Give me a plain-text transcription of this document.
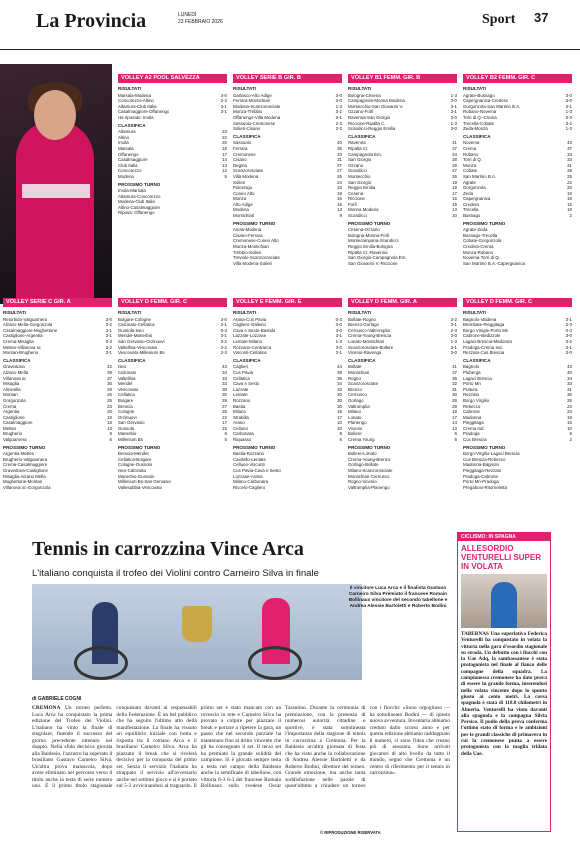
La Provincia	LUNEDÌ
23 FEBBRAIO 2026	Sport 37
VOLLEY A2 POOL SALVEZZA
RISULTATI
Marsala-Modena	3-0
Concorezzo-Altino	2-3
Altamura-Club Italia	3-1
Casalmaggiore-Offanengo	3-1
Ha riposato: Imola
CLASSIFICA
Altamura	23
Altino	22
Imola	20
Marsala	18
Offanengo	17
Casalmaggiore	14
Club Italia	13
Concorezzo	12
Modena	5
PROSSIMO TURNO
Imola-Marsala
Altamura-Concorezzo
Modena-Club Italia
Altino-Casalmaggiore
Riposa: Offanengo
VOLLEY SERIE B GIR. B
RISULTATI
Garlasco-Alto Adige	3-0
Ferrara-Montichiari	3-0
Modena-Scanzorosciate	1-3
Monza-Trebbio	3-2
Offanengo-Villa Modena	3-1
Sassuolo-Cremonese	2-3
Solieri-Cisano	2-3
CLASSIFICA
Sassuolo	40
Ferrara	35
Cremonese	33
Cisano	31
Degina	27
Scanzorosciate	27
Villa Modena	26
Solieri	24
Polcenigo	23
Cuneo Alto	19
Monza	16
Alto Adige	16
Modena	13
Montichiari	9
PROSSIMO TURNO
Asola-Modena
Cisano-Ferrara
Cremonese-Cuneo Alto
Monza-Montichiari
Trebbio-Solieri
Treviolo-Scanzorosciate
Villa Modena-Solieri
VOLLEY B1 FEMM. GIR. B
RISULTATI
Bologna-Cesena	1-3
Campagnola-Monna Modena	3-0
Montecchio-San Giovanni V.	3-1
Ozzano-Forlì	3-1
Ravenna-San Giorgio	3-0
Riccione-Ripalta C.	1-3
Scandicci-Reggio Emilia	3-0
CLASSIFICA
Ravenna	41
Ripalta Cr.	37
Campagnola Em.	34
San Giorgio	28
Ozzano	29
Scandicci	27
Montecchio	26
San Giorgio	19
Reggio Emilia	19
Cesena	17
Riccione	16
Forlì	16
Monna Modena	13
Scandicci	10
PROSSIMO TURNO
Cesena-Ozzano
Bologna-Monna-Forlì
Montecampana-Scandicci
Reggio Emilia-Bologna
Ripalta Cr.-Ravenna
San Giorgio-Campagnola Em.
San Giovanni V.-Riccione
VOLLEY B2 FEMM. GIR. C
RISULTATI
Agrate-Busnago	3-0
Capergnanica-Credera	3-0
Gorgonzola-San Martino B.A.	3-1
Rubano-Novema	1-3
Torri di Q.-Crema	0-3
Trecella-Cobate	3-2
Zeda-Monza	1-3
CLASSIFICA
Novema	43
Crema	37
Rubano	33
Torri di Q.	33
Monza	31
Cobate	28
San Martino B.A.	25
Agrate	22
Gorgonzola	20
Zeda	19
Capergnanica	18
Credera	15
Trecella	15
Busnago	2
PROSSIMO TURNO
Agrate-Zeda
Busnago-Trecella
Cobate-Gorgonzola
Credera-Crema
Monza-Rubano
Novema-Torri di Q.
San Martino B.A.-Capergnanica
VOLLEY SERIE C GIR. A
RISULTATI
Retorbido-Valguarnera	3-0
Alzano Mella-Gorgonzola	3-2
Casalmaggiore-Mughettone	3-1
Castiglione-Argentia	3-1
Crema-Misaglia	0-3
Mettex-Villanova sc	3-2
Montan-Brugherio	3-1
CLASSIFICA
Gravedona	42
Alzano Mella	39
Villanova sc	37
Misaglia	30
Almevilla	29
Montan	26
Gorgonzola	25
Crema	23
Argentia	20
Castiglione	19
Casalmaggiore	18
Mettex	13
Brugherio	9
Valguarnera	6
PROSSIMO TURNO
Argentia-Mettex
Brugherio-Valguarnera
Crema-Casalmaggiore
Gravedona-Castiglione
Misaglia-Alzano Mella
Mughettone-Montan
Villanova sc-Gorgonzola
VOLLEY D FEMM. GIR. C
RISULTATI
Bolgare-Cologne	3-0
Calcinato-Cellatica	3-1
Gussola-Iseo	0-3
Mendel-Manerbio	3-1
San Gervasio-Orzinuovi	3-2
Valtellina-Vescovato	3-2
Vescovato-Millenium Bs	2-3
CLASSIFICA
Iseo	43
Calcinato	34
Valtellina	33
Mendel	33
Vescovato	30
Cellatica	30
Bolgare	29
Brescia	27
Cologne	25
Orzinuovi	22
San Gervasio	17
Gussola	15
Manerbio	8
Millenium Bs	5
PROSSIMO TURNO
Brescia-Mendel
Cellatica-Bolgare
Cologne-Gussola
Iseo-Calcinato
Manerbio-Gussola
Millenium Bs-San Gervasio
Vallesabbia-Vescovato
VOLLEY E FEMM. GIR. E
RISULTATI
Arana-Cus Pavia	0-3
Cagliero-Gallerio	3-0
Cava e Sesto-Bastida	3-0
Lazzate-Lozzase	3-1
Lentate-Milano	1-3
Rozzano-Centrarca	3-0
Visconti-Cellatica	3-1
CLASSIFICA
Caglieri	44
Cus Pavia	39
Cellatica	36
Cava e Sesto	34
Lazzate	33
Lentate	30
Rozzano	30
Bastia	30
Milano	19
Strabilla	17
Arano	10
Celluno	10
Carbonara	8
Riquasso	6
PROSSIMO TURNO
Bastia-Rozzano
Caiolello-Lentate
Celluno-Visconti
Cus Pavia-Cava e Sesto
Lozzase-Arana
Milano-Carbonara
Riccelo-Cagliero
VOLLEY D FEMM. GIR. A
RISULTATI
Bollate-Rogno	3-2
Brenzo-Gorlago	3-1
Cernusco-Valtromplia	2-3
Crema-Young-Brescia	3-0
Lonato-Montichiari	1-3
Scanzorosciate-Bollere	3-1
Vicenio-Ravenga	3-0
CLASSIFICA
Bollate	41
Montichiari	37
Rogno	36
Scanzorosciate	32
Brenzo	31
Cernusco	30
Gorlago	26
Valtromplia	29
Milano	18
Lonato	17
Planengo	14
Vicenio	13
Bollere	6
Crema Young	5
PROSSIMO TURNO
Bollere-Lonato
Crema-Young-Brenzo
Gorlago-Bollate
Milano-Scanzorosciate
Montichiari-Cernusco
Rogno-Vicenio
Valtromplia-Planengo
VOLLEY D FEMM. GIR. C
RISULTATI
Bagnolo-Vaidena	3-1
Brembate-Pieggitaga	2-3
Borgo Vinigle-Porto Mn	0-3
Cabrone-Bedizzole	3-0
Lagaci-Brescia-Madonna	3-2
Pradoga-Crema Ind.	3-1
Rezzato-Cus Brescia	3-0
CLASSIFICA
Bagnolo	43
Pluberga	40
Lagaci Brescia	34
Porto Mn	33
Pratura	31
Rezzato	30
Borgo Virgilio	26
Rebecco	23
Cabrone	23
Madonna	19
Pieggitaga	15
Crema Ind.	10
Pradoga	9
Cus Brescia	2
PROSSIMO TURNO
Borgo-Virgilio-Lagaci Brescia
Cus Brescia-Rebecco
Madonna-Bagnolo
Pieggitaga-Rezzato
Pradoga-Cabrone
Porto Mn-Pradoga
Pregaboio-Ritorneletta
Tennis in carrozzina Vince Arca
L'italiano conquista il trofeo dei Violini contro Carneiro Silva in finale
Il vincitore Luca Arca e il finalista Gustavo Carneiro Silva Premiato il francese Romain Bollinaux vincitore del secondo tabellone e Andrea Alessie Bartoletti e Roberto Bodini
di GABRIELE COGNI
CREMONA Un torneo perfetto. Luca Arca ha conquistato la prima edizione del Trofeo dei Violini. L'italiano ha vinto la finale di singolare, finendo il successo del giorno precedente ottenuto nel doppio. Nella sfida decisiva giocata alla Baldesio, l'azzurro ha superato il brasiliano Gustavo Carneiro Silva. Un'altra prova maiuscola, dopo avere eliminato nel percorso verso il titolo anche la testa di serie numero uno. È il primo titolo stagionale conquistato davanti ai responsabili della Federazione. È un bel pubblico che ha seguito l'ultimo atto della manifestazione. La finale ha vissuto un equilibrio iniziale con botta e risposta tra il romano Arca e il brasiliano Carneiro Silva. Arca ha piazzato il break che si rivelerà decisivo per la conquista del primo set. Senza il servizio l'italiano ha strappato il servizio all'avversario anche nel settimo gioco e si è portato sul 5-2 avvicinandosi al traguardo. Il primo set è stato mancato con un rovescio in rete e Carneiro Silva ha provato a colpire per piazzare il break e portare a ripetere la gara, un passo che nel secondo parziale ha mantenuto fino al dritto vincente che gli ha consegnato il set. Il terzo set ha premiato la grande solidità del campione. Sì è giocata sempre testa a testa nel campo della Baldesio anche la semifinale di tabellone, con vittoria 6-3 6-3 del francese Romain Bollinaux sullo svedese Oscar Tarantino. Durante la cerimonia di premiazione, con la presenza di numerosi autorità cittadine e sportive, è stata sottolineata l'importanza della stagione di tennis in carrozzina a Cremona. Per la Baldesio un'altra giornata di festa che ha visto anche la collaborazione di Andrea Alessie Bartoletti e da Roberto Bodini, direttore del torneo. Grande emozione, ma anche tanta soddisfazione nelle parole di quest'ultimo a chiudere un torneo con i fiocchi: «Sono orgoglioso — ha sottolineato Bodini — di questa nuova avventura. Inventarla abbiamo creduto dallo scorso anno e per questa edizione abbiamo raddoppiato il numero, ci sono l'idea che creano più di sessanta. Sono arrivati giocatori di alto livello da tutto il mondo, segno che Cremona è un centro di riferimento per il tennis in carrozzina».
© RIPRODUZIONE RISERVATA
CICLISMO: IN SPAGNA
ALLESORDIO VENTURELLI SUPER IN VOLATA
TABERNAS Una superlativa Federica Venturelli ha conquistato in volata la vittoria nella gara d'esordio stagionale su strada. Un debutto con i fiocchi con la Uae Adq, la sambassanese è stata protagonista nel finale al fianco delle compagne della squadra. La campionessa cremonese ha dato prova di essere in grande forma, inserendosi nella volata vincente dopo lo spunto giusto ai cento metri. La corsa spagnola è stata di 118.8 chilometri in Almeria. Venturelli ha vinto davanti alla spagnola e la compagna Silvia Persico. Il podio della prova conferma l'ottimo stato di forma e le ambizioni per le grandi classiche di primavera in cui la cremonese punta a essere protagonista con la maglia iridata della Uae.
